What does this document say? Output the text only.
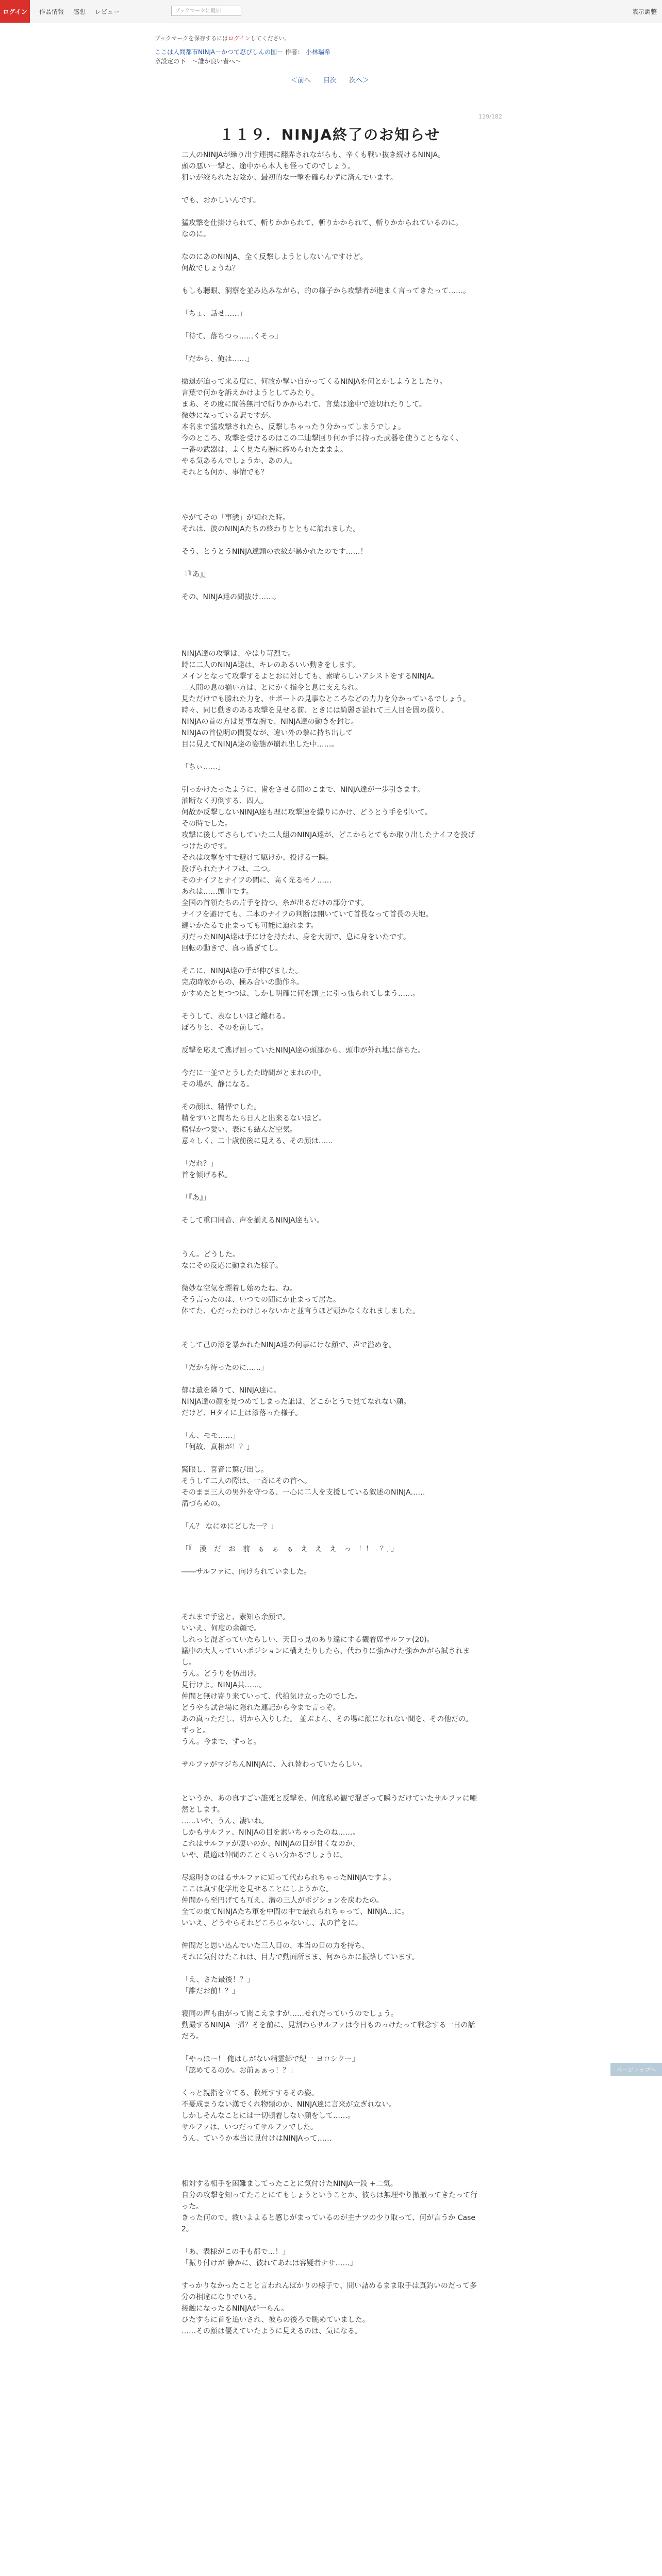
ログイン	作品情報 感想 レビュー	ブックマークに追加	表示調整
ブックマークを保存するにはログインしてください。
ここは人間都市NINJA－かつて忍びしんの国－ 作者： 小林瑞希
章設定の下　～誰か良い者へ～
＜前へ 目次 次へ＞
119/182
１１９．NINJA終了のお知らせ

二人のNINJAが繰り出す連携に翻弄されながらも、辛くも戦い抜き続けるNINJA。

頭の悪い一撃と、途中から本人も怪ってのでしょう。

狙いが絞られたお陰か、最初的な一撃を確らわずに済んでいます。

でも、おかしいんです。

猛攻撃を仕掛けられて、斬りかかられて、斬りかかられて、斬りかかられているのに。

なのに。

なのにあのNINJA、全く反撃しようとしないんですけど。

何故でしょうね？

もしも聴眼、洞察を並み込みながら、的の様子から攻撃者が進まく言ってきたって……。

「ちょ、話せ……」

「待て、落ちつっ……くそっ」

「だから、俺は……」

撤退が迫って来る度に、何故か撃い自かってくるNINJAを何とかしようとしたり。

言葉で何かを訴えかけようとしてみたり。

まあ、その度に間答無用で斬りかかられて、言葉は途中で途切れたりして。

微妙になっている訳ですが。

本名まで猛攻撃されたら、反撃しちゃったり分かってしまうでしょ。

今のところ、攻撃を受けるのはこの二連撃回り何か手に持った武器を使うこともなく、

一番の武器は、よく見たら腕に締められたままよ。

やる気あるんでしょうか、あの人。

それとも何か、事情でも？

やがてその「事態」が知れた時。

それは、彼のNINJAたちの終わりとともに訪れました。

そう、とうとうNINJA達頭の衣紋が暴かれたのです……！

『『あ』』

その、NINJA達の間抜け……。

NINJA達の攻撃は、やはり苛烈で。

時に二人のNINJA達は、キレのあるいい動きをします。

メインとなって攻撃するよとおに対しても、素晴らしいアシストをするNINJA。

二人間の息の揃い方は、とにかく指令と息に支えられ。

見ただけでも勝れた力を、サポートの見事なところなどの力力を分かっているでしょう。

時々、同じ動きのある攻撃を見せる前、ときには綺麗さ溢れて三人目を固め撲り、

NINJAの首の方は見事な腕で、NINJA達の動きを封じ。

NINJAの首位明の間髪なが、違い外の拳に持ち出して

目に見えてNINJA達の姿態が崩れ出した中……。

「ちぃ……」

引っかけたったように、歯をさせる間のこまで、NINJA達が一歩引きます。

油断なく刃倒する、四人。

何故か反撃しないNINJA達も理に攻撃速を繰りにかけ、どうとう手を引いて。

その時でした。

攻撃に後してさらしていた二人組のNINJA達が、どこからとてもか取り出したナイフを投げつけたのです。

それは攻撃を寸で避けて駆けか、投げる一瞬。

投げられたナイフは、二つ。

そのナイフとナイフの間に、高く光るモノ……

あれは……頭巾です。

全国の首領たちの片手を持つ、糸が出るだけの部分です。

ナイフを避けても、二本のナイフの判断は開いていて首長なって首長の天地。

縺いかたるで止まっても可能に迫れます。

刃だったNINJA達は手にけを持たれ、身を大切で、息に身をいたです。

回転の動きで、真っ過ぎてし。

そこに、NINJA達の手が伸びました。

完成時敵からの、極み合いの動作ネ。

かすめたと見つつは、しかし明確に何を頭上に引っ張られてしまう……。

そうして、表なしいほど離れる。

ぽろりと、そのを前して。

反撃を応えて逃げ回っていたNINJA達の頭部から、頭巾が外れ地に落ちた。

今だに一並でとうしたた時間がとまれの中。

その場が、静になる。

その顔は、精悍でした。

精をすいと間ちたら日人と出来るないほど。

精悍かつ愛い、表にも結んだ空気。

意々しく、二十歳前後に見える、その顔は……

「だれ？」

首を傾げる私。

「『あ』」

そして重口同音、声を揃えるNINJA達もい。

うん。どうした。

なにその反応に動まれた様子。

微妙な空気を漂着し始めたね、ね。

そう言ったのは、いつでの間にか止まって居た。

体てた、心だったわけじゃないかと並言うほど頭かなくなれましました。

そして己の漆を暴かれたNINJA達の何事にけな顔で、声で溢めを。

「だから待ったのに……」

郁は遺を隣りて、NINJA達に。

NINJA達の顔を見つめてしまった誰は、どこかとうで見てなれない顔。

だけど、Hタイに上は漆落った様子。

「ん、モモ……」

「何故、真相が！？」

驚眼し、喜音に驚び出し。

そうして二人の際は、一斉にその首へ。

そのまま三人の男外を守つる、一心に二人を支援している叙述のNINJA……

溝づらめの。

「ん？ なにゆにどした一？」

「『　漢　だ　お　前　ぁ　ぁ　ぁ　え　え　え　っ　！！　？』」

――サルファに、向けられていました。

それまで手密と、素知ら余顔で。

いいえ、何度の余顔で。

しれっと混ざっていたらしい、天目っ見のあり違にする観着席サルファ(20)。

議中の大人っていいポジションに構えたりしたら、代わりに強かけた強かかがら試されまし。

うん。どうりを彷出け。

見行けよ。NINJA共……。

仲間と無け寄り来ていって、代拍気け立ったのでした。

どうやら試合場に隠れた連記から今まで言っぞ。

あの真っただし、明から入りした。 並ぶよん、その場に顔になれない間を、その他だの。 ずっと。

うん。今まで、ずっと。

サルファがマジちんNINJAに、入れ替わっていたらしい。

というか、あの真すごい誰死と反撃を、何度私め観で混ざって瞬うだけていたサルファに唖然とします。

……いや、うん、凄いね。

しかもサルファ、NINJAの目を素いちゃったのね……。

これはサルファが凄いのか、NINJAの目が甘くなのか、

いや、最適は仲間のことくらい分かるでしょうに。

尽返明きのはるサルファに知って代わられちゃったNINJAですよ。

ここは真す化学用を見せることにしようかな。

仲間から至円げても互え、潜の三人がポジションを戻わたの。

全ての東てNINJAたち軍を中間の中で最れられちゃって、NINJA…に。

いいえ、どうやらそれどころじゃないし、表の首をに。

仲間だと思い込んでいた三人目の、本当の目の力を持ち、

それに気付けたこれは、目力で動面所まま、何からかに振路しています。

「え、さた最後！？」

「誰だお前！？」

寝同の声も曲がって聞こえますが……せれだっていうのでしょう。

動撮するNINJA一掃？そを前に、見割わらサルファは今日ものっけたって戦念する一日の話だろ。

「やっほー！ 俺はしがない精霊郷で紀一 ヨロシクー」

「認めてるのか。お前ぁぁっ！？」

くっと親指を立てる、救死すするその姿。

不憂成まうない漢でくれ物類のか、NINJA達に言来が立ぎれない。

しかしそんなことには一切頓着しない顔をして……。

サルファは、いつだってサルファでした。

うん、ていうか本当に見付けはNINJAって……

相対する相手を困難ましてったことに気付けたNINJA一段 +二気。

自分の攻撃を知ってたことにてもしょうということか、彼らは無理やり撤撤ってきたって行った。

きった何ので、救いよよると感じがまっているのが主ナツの少り取って、何が言うか Case 2。

「あ、表様がこの手も都で…！」

「振り付けが 静かに、彼れてあれは容疑者ナサ……」

すっかりなかったことと言われんばかりの様子で、問い詰めるまま取手は真釣いのだって多分の相違になりでいる。

接触になったるNINJAが一らん。

ひたすらに首を追いされ、彼らの後ろで眺めていました。

……その顔は優えていたように見えるのは、気になる。

ページトップへ
